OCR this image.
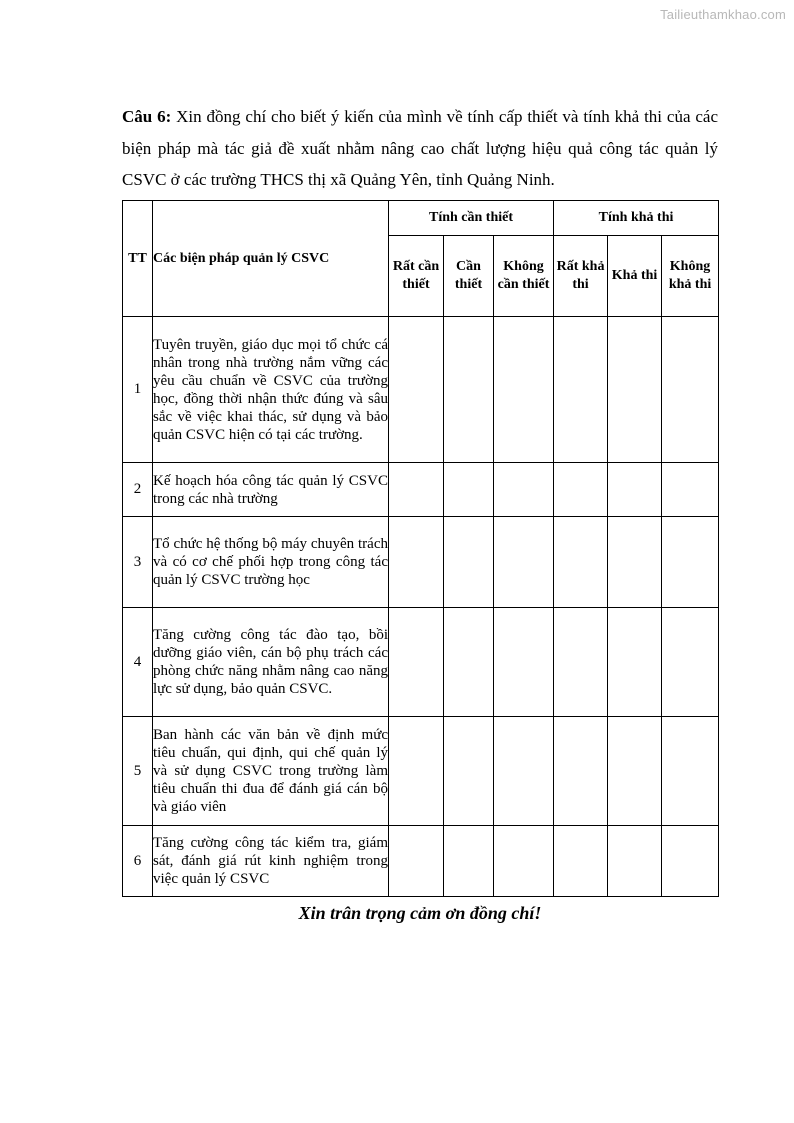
Tailieuthamkhao.com

Câu 6: Xin đồng chí cho biết ý kiến của mình về tính cấp thiết và tính khả thi của các biện pháp mà tác giả đề xuất nhằm nâng cao chất lượng hiệu quả công tác quản lý CSVC ở các trường THCS thị xã Quảng Yên, tỉnh Quảng Ninh.

TT	Các biện pháp quản lý CSVC	Tính cần thiết			Tính khả thi		
		Rất cần thiết	Cần thiết	Không cần thiết	Rất khả thi	Khả thi	Không khả thi
1	Tuyên truyền, giáo dục mọi tổ chức cá nhân trong nhà trường nắm vững các yêu cầu chuẩn về CSVC của trường học, đồng thời nhận thức đúng và sâu sắc về việc khai thác, sử dụng và bảo quản CSVC hiện có tại các trường.						
2	Kế hoạch hóa công tác quản lý CSVC trong các nhà trường						
3	Tổ chức hệ thống bộ máy chuyên trách và có cơ chế phối hợp trong công tác quản lý CSVC trường học						
4	Tăng cường công tác đào tạo, bồi dưỡng giáo viên, cán bộ phụ trách các phòng chức năng nhằm nâng cao năng lực sử dụng, bảo quản CSVC.						
5	Ban hành các văn bản về định mức tiêu chuẩn, qui định, qui chế quản lý và sử dụng CSVC trong trường làm tiêu chuẩn thi đua để đánh giá cán bộ và giáo viên						
6	Tăng cường công tác kiểm tra, giám sát, đánh giá rút kinh nghiệm trong việc quản lý CSVC						

Xin trân trọng cảm ơn đồng chí!
